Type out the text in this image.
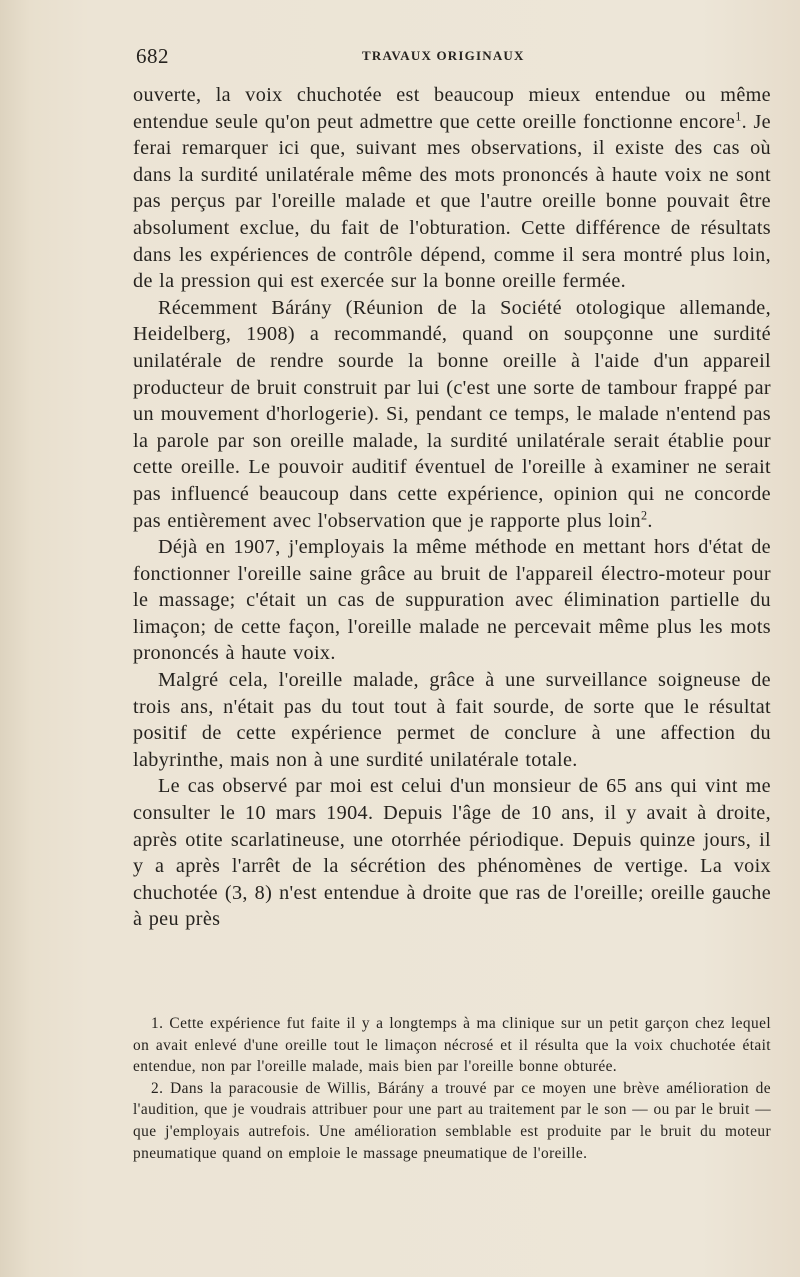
682	TRAVAUX ORIGINAUX

ouverte, la voix chuchotée est beaucoup mieux entendue ou même entendue seule qu'on peut admettre que cette oreille fonctionne encore$^1$. Je ferai remarquer ici que, suivant mes observations, il existe des cas où dans la surdité unilatérale même des mots prononcés à haute voix ne sont pas perçus par l'oreille malade et que l'autre oreille bonne pouvait être absolument exclue, du fait de l'obturation. Cette différence de résultats dans les expériences de contrôle dépend, comme il sera montré plus loin, de la pression qui est exercée sur la bonne oreille fermée.

Récemment Bárány (Réunion de la Société otologique allemande, Heidelberg, 1908) a recommandé, quand on soupçonne une surdité unilatérale de rendre sourde la bonne oreille à l'aide d'un appareil producteur de bruit construit par lui (c'est une sorte de tambour frappé par un mouvement d'horlogerie). Si, pendant ce temps, le malade n'entend pas la parole par son oreille malade, la surdité unilatérale serait établie pour cette oreille. Le pouvoir auditif éventuel de l'oreille à examiner ne serait pas influencé beaucoup dans cette expérience, opinion qui ne concorde pas entièrement avec l'observation que je rapporte plus loin$^2$.

Déjà en 1907, j'employais la même méthode en mettant hors d'état de fonctionner l'oreille saine grâce au bruit de l'appareil électro-moteur pour le massage; c'était un cas de suppuration avec élimination partielle du limaçon; de cette façon, l'oreille malade ne percevait même plus les mots prononcés à haute voix.

Malgré cela, l'oreille malade, grâce à une surveillance soigneuse de trois ans, n'était pas du tout tout à fait sourde, de sorte que le résultat positif de cette expérience permet de conclure à une affection du labyrinthe, mais non à une surdité unilatérale totale.

Le cas observé par moi est celui d'un monsieur de 65 ans qui vint me consulter le 10 mars 1904. Depuis l'âge de 10 ans, il y avait à droite, après otite scarlatineuse, une otorrhée périodique. Depuis quinze jours, il y a après l'arrêt de la sécrétion des phénomènes de vertige. La voix chuchotée (3, 8) n'est entendue à droite que ras de l'oreille; oreille gauche à peu près

1. Cette expérience fut faite il y a longtemps à ma clinique sur un petit garçon chez lequel on avait enlevé d'une oreille tout le limaçon nécrosé et il résulta que la voix chuchotée était entendue, non par l'oreille malade, mais bien par l'oreille bonne obturée.

2. Dans la paracousie de Willis, Bárány a trouvé par ce moyen une brève amélioration de l'audition, que je voudrais attribuer pour une part au traitement par le son — ou par le bruit — que j'employais autrefois. Une amélioration semblable est produite par le bruit du moteur pneumatique quand on emploie le massage pneumatique de l'oreille.
